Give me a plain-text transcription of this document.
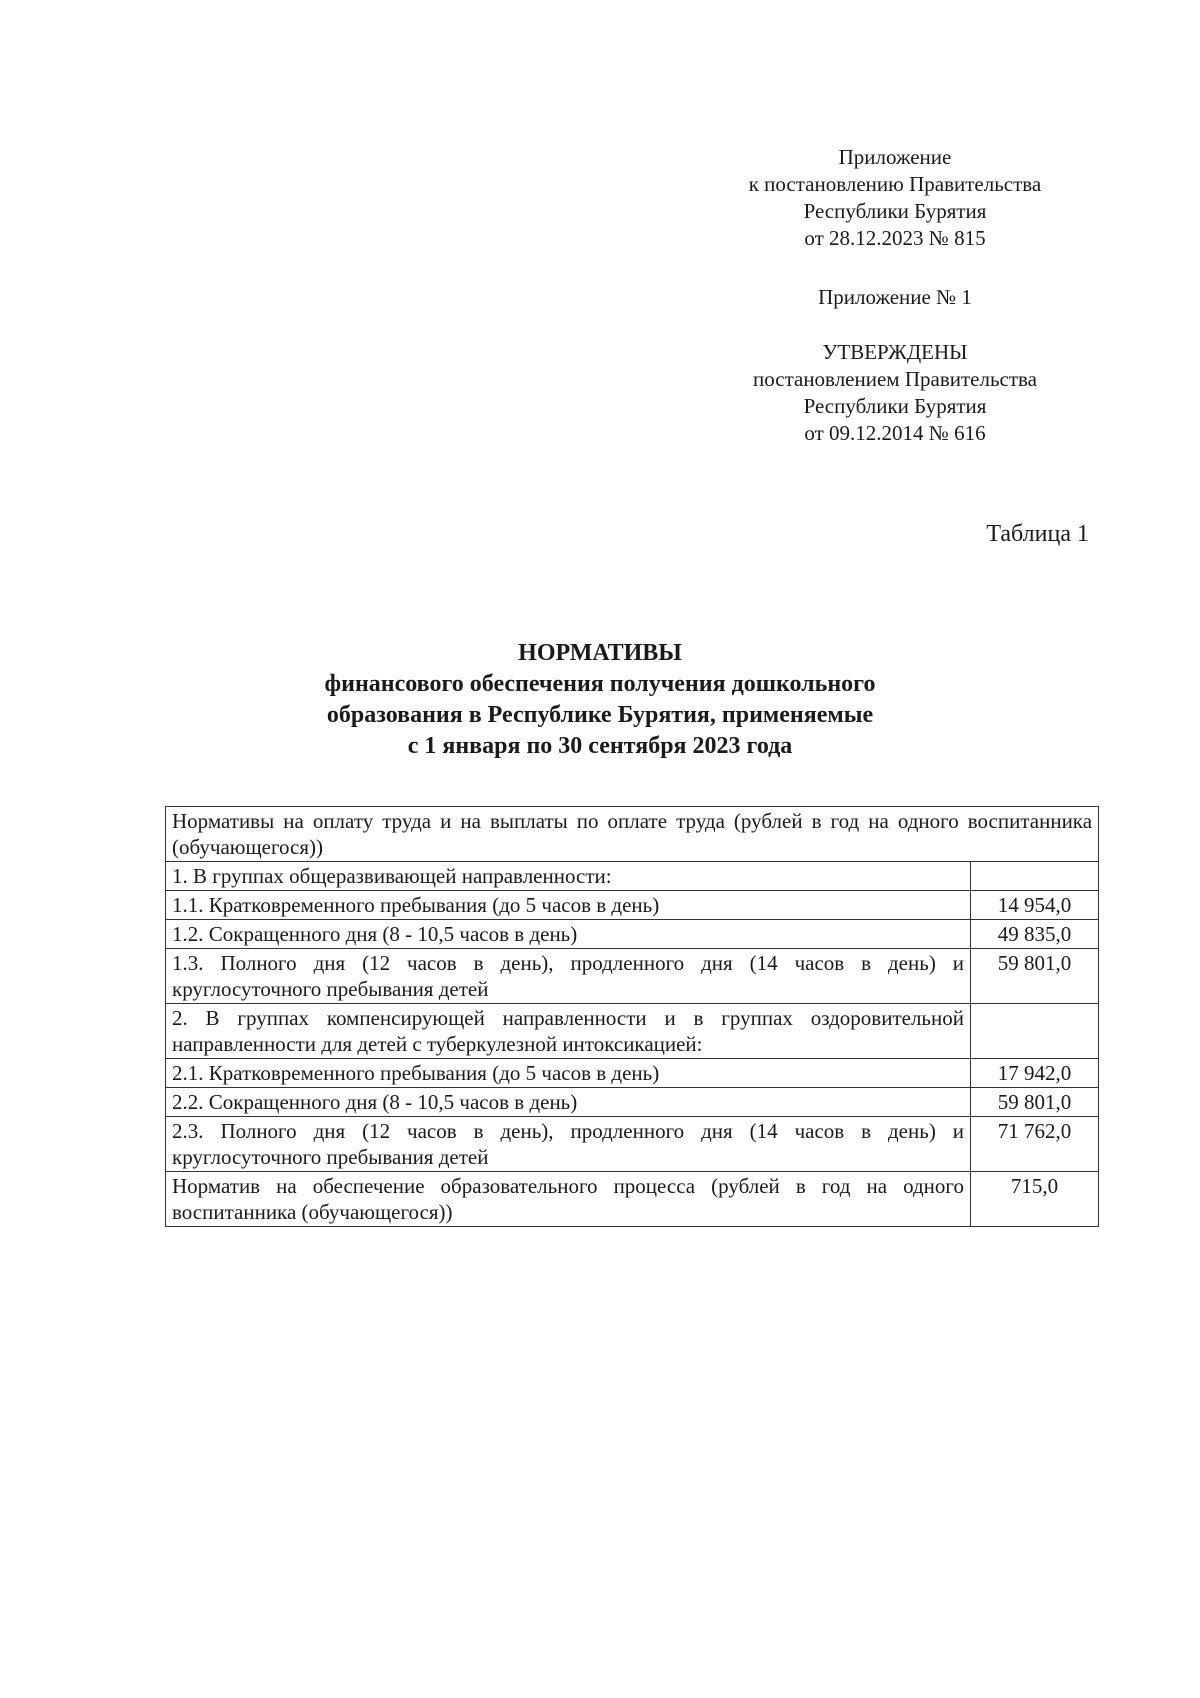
Приложение
к постановлению Правительства
Республики Бурятия
от 28.12.2023 № 815
Приложение № 1
УТВЕРЖДЕНЫ
постановлением Правительства
Республики Бурятия
от 09.12.2014 № 616
Таблица 1
НОРМАТИВЫ
финансового обеспечения получения дошкольного
образования в Республике Бурятия, применяемые
с 1 января по 30 сентября 2023 года
Нормативы на оплату труда и на выплаты по оплате труда (рублей в год на одного воспитанника (обучающегося))	
1. В группах общеразвивающей направленности:	
1.1. Кратковременного пребывания (до 5 часов в день)	14 954,0
1.2. Сокращенного дня (8 - 10,5 часов в день)	49 835,0
1.3. Полного дня (12 часов в день), продленного дня (14 часов в день) и круглосуточного пребывания детей	59 801,0
2. В группах компенсирующей направленности и в группах оздоровительной направленности для детей с туберкулезной интоксикацией:	
2.1. Кратковременного пребывания (до 5 часов в день)	17 942,0
2.2. Сокращенного дня (8 - 10,5 часов в день)	59 801,0
2.3. Полного дня (12 часов в день), продленного дня (14 часов в день) и круглосуточного пребывания детей	71 762,0
Норматив на обеспечение образовательного процесса (рублей в год на одного воспитанника (обучающегося))	715,0
